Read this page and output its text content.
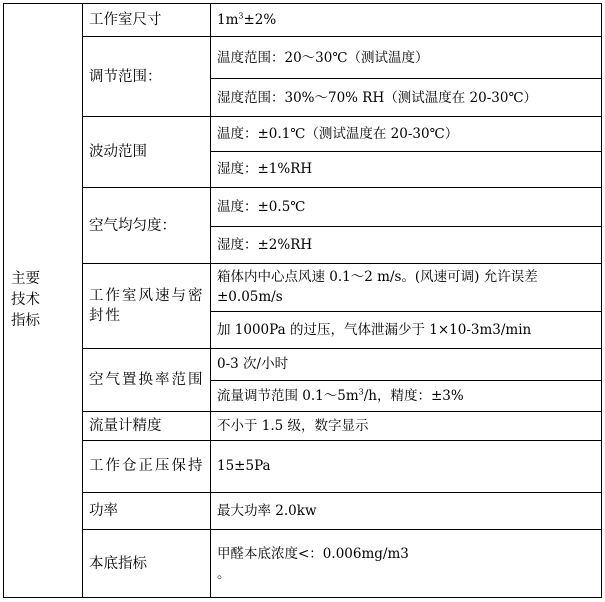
主要
技术
指标	工作室尺寸	$1m^3\pm 2\%$
	调节范围：	温度范围：20～30℃（测试温度）
		湿度范围：30%～70% RH（测试温度在 20-30℃）
	波动范围	温度：±0.1℃（测试温度在 20-30℃）
		湿度：±1%RH
	空气均匀度：	温度：±0.5℃
		湿度：±2%RH
	工作室风速与密封性	箱体内中心点风速 0.1～2 m/s。(风速可调) 允许误差±0.05m/s
		加 1000Pa 的过压，气体泄漏少于 1×10-3m3/min
	空气置换率范围	0-3 次/小时
		流量调节范围 $0.1\sim 5m^3/h$，精度：±3%
	流量计精度	不小于 1.5 级，数字显示
	工作仓正压保持	15±5Pa
	功率	最大功率 2.0kw
	本底指标	甲醛本底浓度<：0.006mg/m3
。
